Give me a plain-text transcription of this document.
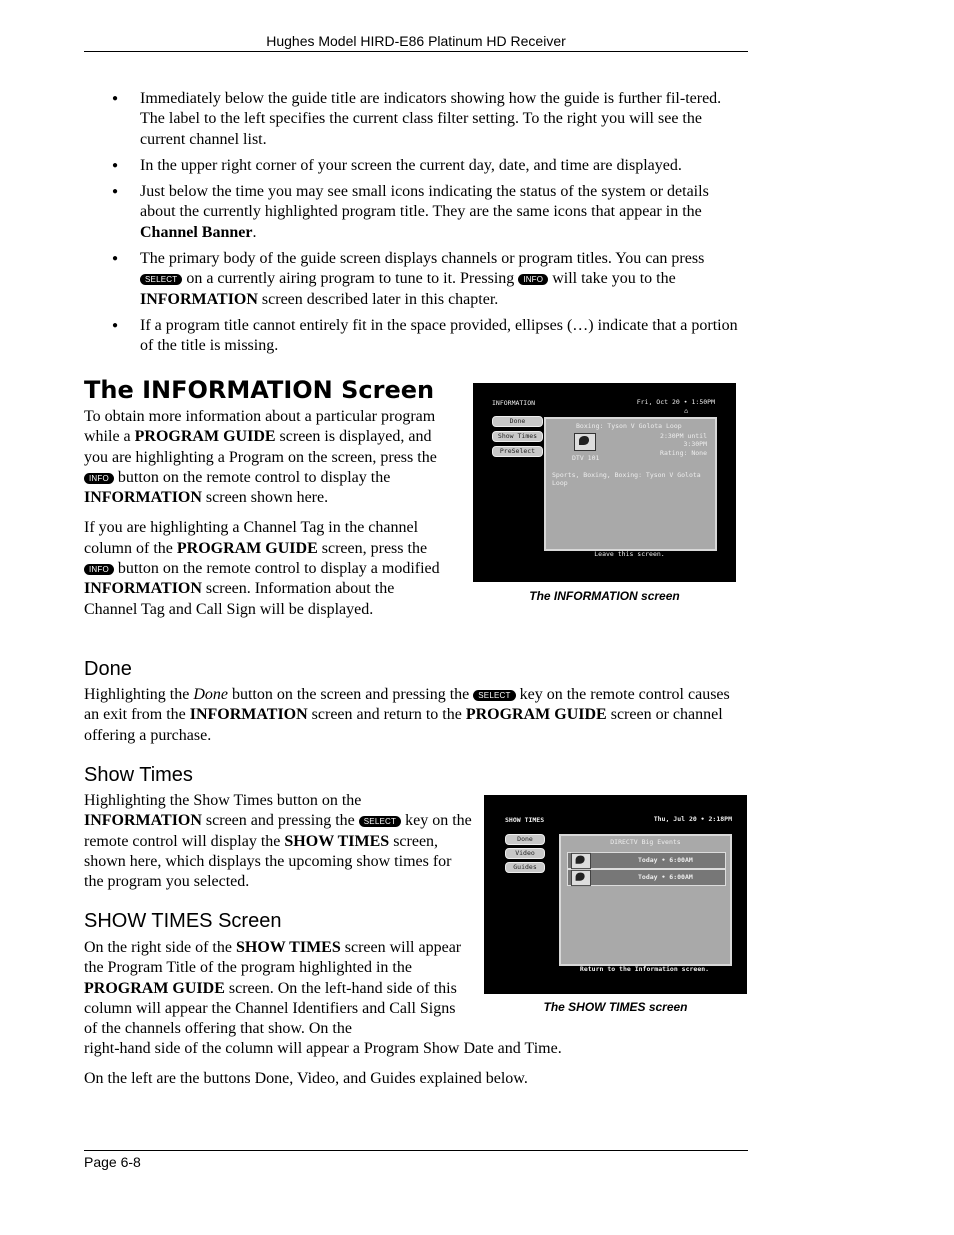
Hughes Model HIRD-E86 Platinum HD Receiver
● Immediately below the guide title are indicators showing how the guide is further fil-tered. The label to the left specifies the current class filter setting. To the right you will see the current channel list.
● In the upper right corner of your screen the current day, date, and time are displayed.
● Just below the time you may see small icons indicating the status of the system or details about the currently highlighted program title. They are the same icons that appear in the Channel Banner.
● The primary body of the guide screen displays channels or program titles. You can press SELECT on a currently airing program to tune to it. Pressing INFO will take you to the INFORMATION screen described later in this chapter.
● If a program title cannot entirely fit in the space provided, ellipses (…) indicate that a portion of the title is missing.
The INFORMATION Screen

To obtain more information about a particular program while a PROGRAM GUIDE screen is displayed, and you are highlighting a Program on the screen, press the INFO button on the remote control to display the INFORMATION screen shown here.

If you are highlighting a Channel Tag in the channel column of the PROGRAM GUIDE screen, press the INFO button on the remote control to display a modified INFORMATION screen. Information about the Channel Tag and Call Sign will be displayed.

INFORMATION	Fri, Oct 20 • 1:50PM
⌂
Done
Show Times
PreSelect
Boxing: Tyson V Golota Loop
DTV 101
2:30PM until
3:30PM
Rating: None
Sports, Boxing, Boxing: Tyson V Golota Loop
Leave this screen.
The INFORMATION screen
Done

Highlighting the Done button on the screen and pressing the SELECT key on the remote control causes an exit from the INFORMATION screen and return to the PROGRAM GUIDE screen or channel offering a purchase.

Show Times

Highlighting the Show Times button on the INFORMATION screen and pressing the SELECT key on the remote control will display the SHOW TIMES screen, shown here, which displays the upcoming show times for the program you selected.

SHOW TIMES	Thu, Jul 20 • 2:18PM
Done
Video
Guides
DIRECTV Big Events
Today • 6:00AM
Today • 6:00AM
Return to the Information screen.
The SHOW TIMES screen
SHOW TIMES Screen

On the right side of the SHOW TIMES screen will appear the Program Title of the program highlighted in the PROGRAM GUIDE screen. On the left-hand side of this column will appear the Channel Identifiers and Call Signs of the channels offering that show. On the

right-hand side of the column will appear a Program Show Date and Time.
On the left are the buttons Done, Video, and Guides explained below.
Page 6-8
